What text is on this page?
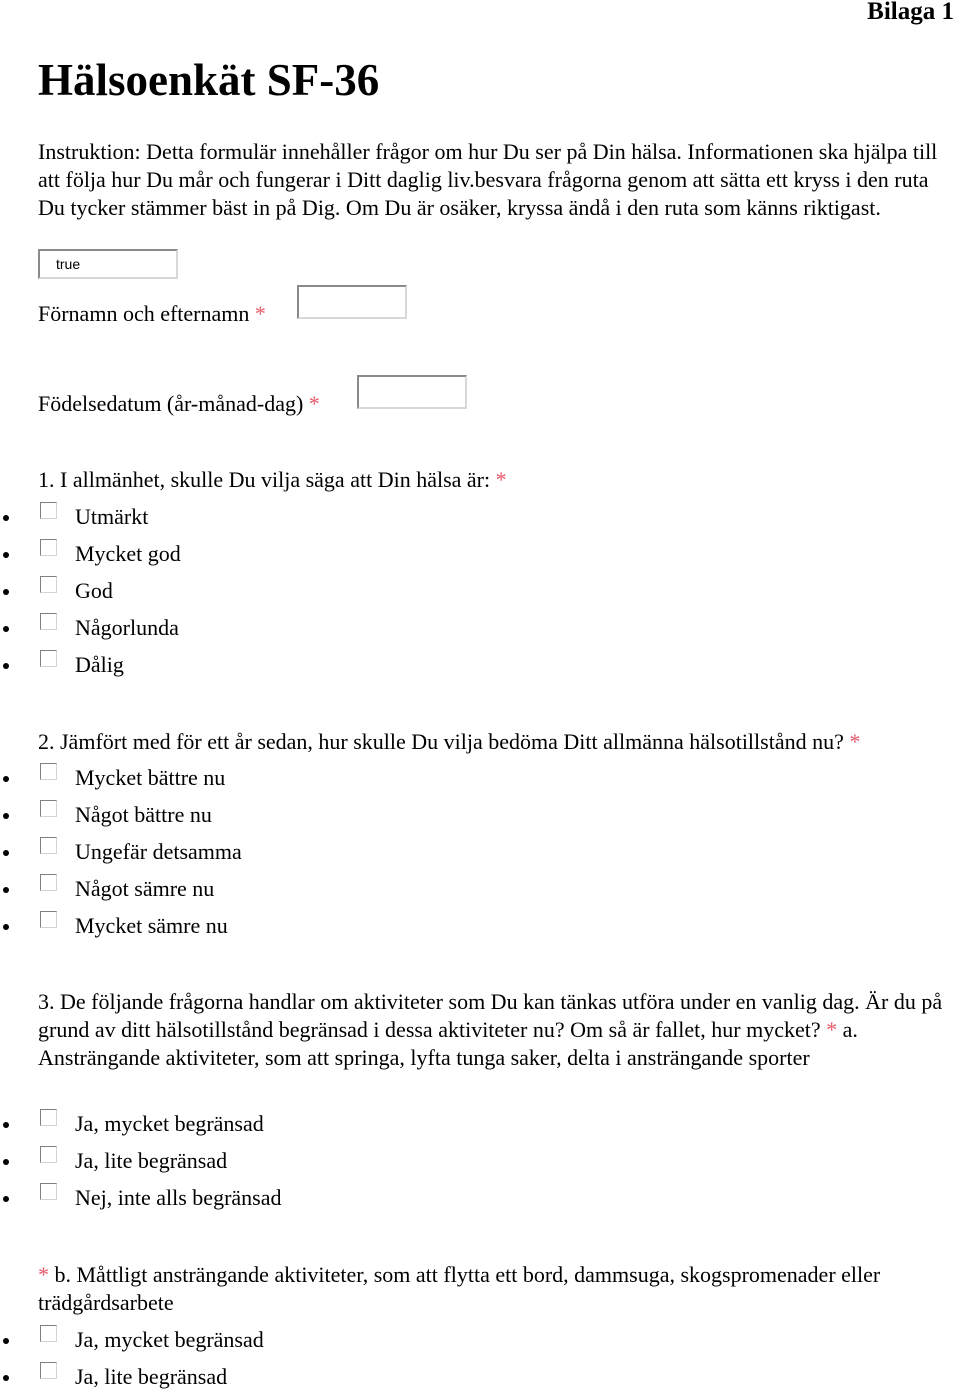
Bilaga 1
Hälsoenkät SF-36
Instruktion: Detta formulär innehåller frågor om hur Du ser på Din hälsa. Informationen ska hjälpa till att följa hur Du mår och fungerar i Ditt daglig liv.besvara frågorna genom att sätta ett kryss i den ruta Du tycker stämmer bäst in på Dig. Om Du är osäker, kryssa ändå i den ruta som känns riktigast.
true
Förnamn och efternamn *
Födelsedatum (år-månad-dag) *
1. I allmänhet, skulle Du vilja säga att Din hälsa är: *
Utmärkt
Mycket god
God
Någorlunda
Dålig
2. Jämfört med för ett år sedan, hur skulle Du vilja bedöma Ditt allmänna hälsotillstånd nu? *
Mycket bättre nu
Något bättre nu
Ungefär detsamma
Något sämre nu
Mycket sämre nu
3. De följande frågorna handlar om aktiviteter som Du kan tänkas utföra under en vanlig dag. Är du på grund av ditt hälsotillstånd begränsad i dessa aktiviteter nu? Om så är fallet, hur mycket? * a. Ansträngande aktiviteter, som att springa, lyfta tunga saker, delta i ansträngande sporter
Ja, mycket begränsad
Ja, lite begränsad
Nej, inte alls begränsad
* b. Måttligt ansträngande aktiviteter, som att flytta ett bord, dammsuga, skogspromenader eller trädgårdsarbete
Ja, mycket begränsad
Ja, lite begränsad
